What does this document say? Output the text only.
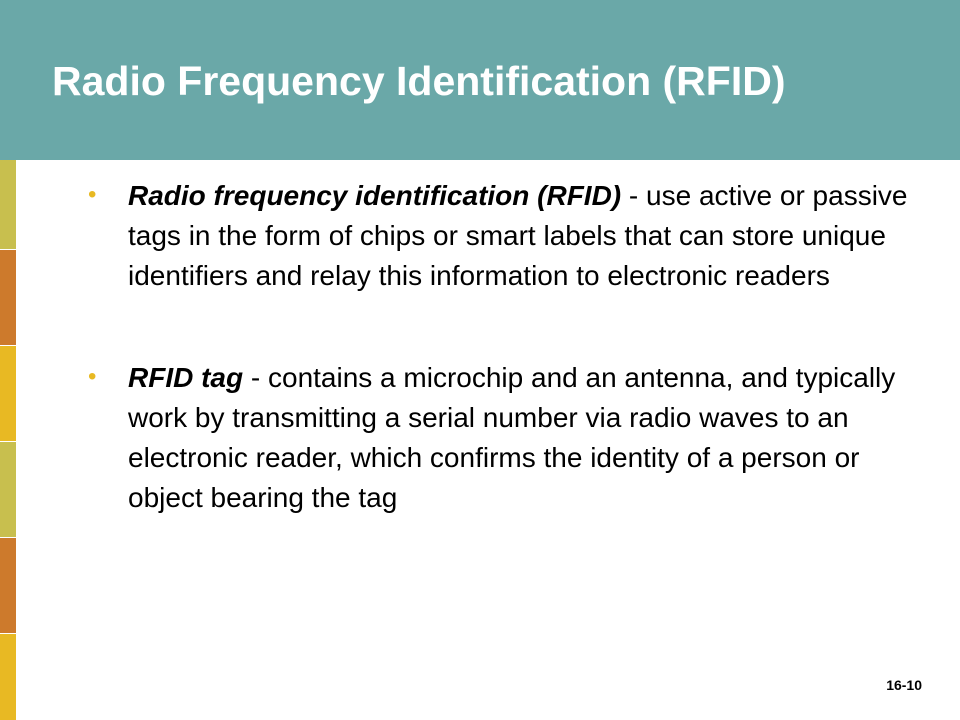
Radio Frequency Identification (RFID)

•	Radio frequency identification (RFID) - use active or passive tags in the form of chips or smart labels that can store unique identifiers and relay this information to electronic readers

•	RFID tag - contains a microchip and an antenna, and typically work by transmitting a serial number via radio waves to an electronic reader, which confirms the identity of a person or object bearing the tag

16-10
